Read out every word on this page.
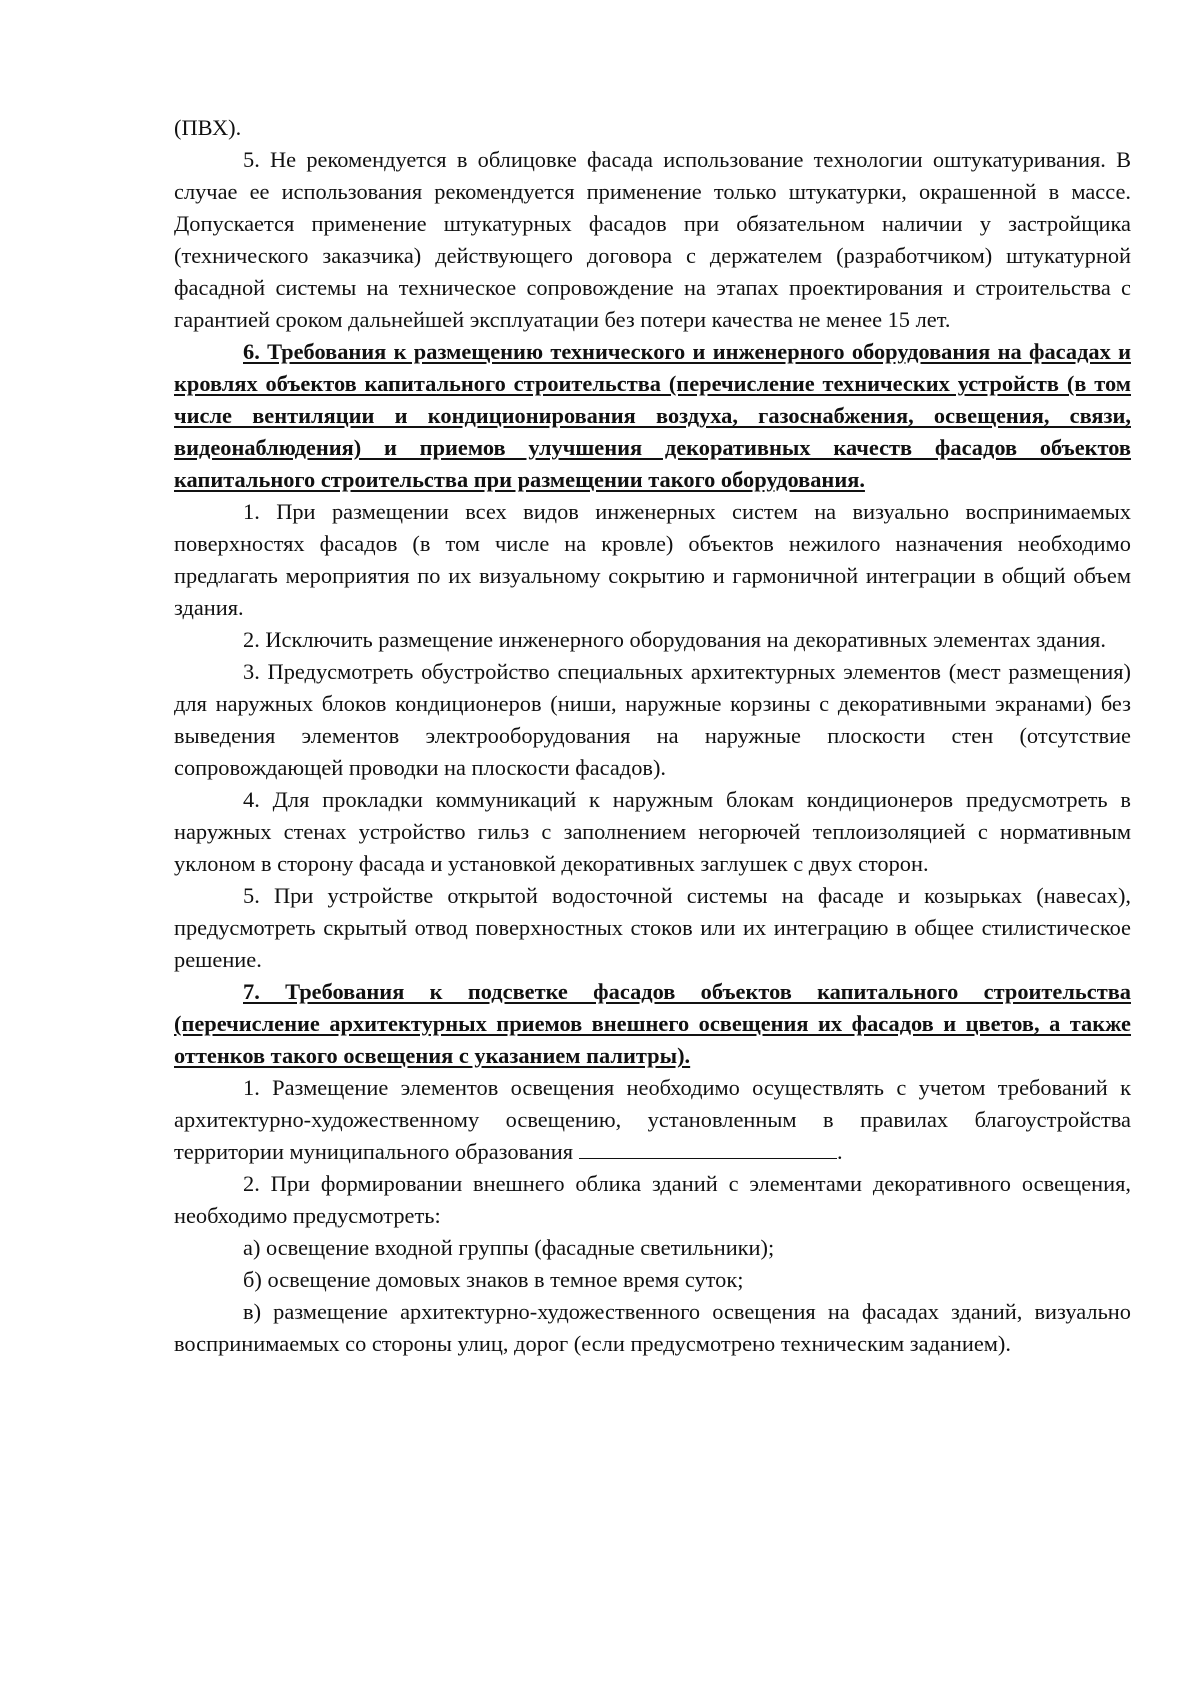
(ПВХ).

5. Не рекомендуется в облицовке фасада использование технологии оштукатуривания. В случае ее использования рекомендуется применение только штукатурки, окрашенной в массе. Допускается применение штукатурных фасадов при обязательном наличии у застройщика (технического заказчика) действующего договора с держателем (разработчиком) штукатурной фасадной системы на техническое сопровождение на этапах проектирования и строительства с гарантией сроком дальнейшей эксплуатации без потери качества не менее 15 лет.

6. Требования к размещению технического и инженерного оборудования на фасадах и кровлях объектов капитального строительства (перечисление технических устройств (в том числе вентиляции и кондиционирования воздуха, газоснабжения, освещения, связи, видеонаблюдения) и приемов улучшения декоративных качеств фасадов объектов капитального строительства при размещении такого оборудования.

1. При размещении всех видов инженерных систем на визуально воспринимаемых поверхностях фасадов (в том числе на кровле) объектов нежилого назначения необходимо предлагать мероприятия по их визуальному сокрытию и гармоничной интеграции в общий объем здания.

2. Исключить размещение инженерного оборудования на декоративных элементах здания.

3. Предусмотреть обустройство специальных архитектурных элементов (мест размещения) для наружных блоков кондиционеров (ниши, наружные корзины с декоративными экранами) без выведения элементов электрооборудования на наружные плоскости стен (отсутствие сопровождающей проводки на плоскости фасадов).

4. Для прокладки коммуникаций к наружным блокам кондиционеров предусмотреть в наружных стенах устройство гильз с заполнением негорючей теплоизоляцией с нормативным уклоном в сторону фасада и установкой декоративных заглушек с двух сторон.

5. При устройстве открытой водосточной системы на фасаде и козырьках (навесах), предусмотреть скрытый отвод поверхностных стоков или их интеграцию в общее стилистическое решение.

7. Требования к подсветке фасадов объектов капитального строительства (перечисление архитектурных приемов внешнего освещения их фасадов и цветов, а также оттенков такого освещения с указанием палитры).

1. Размещение элементов освещения необходимо осуществлять с учетом требований к архитектурно-художественному освещению, установленным в правилах благоустройства территории муниципального образования	.

2. При формировании внешнего облика зданий с элементами декоративного освещения, необходимо предусмотреть:

а) освещение входной группы (фасадные светильники);

б) освещение домовых знаков в темное время суток;

в) размещение архитектурно-художественного освещения на фасадах зданий, визуально воспринимаемых со стороны улиц, дорог (если предусмотрено техническим заданием).
